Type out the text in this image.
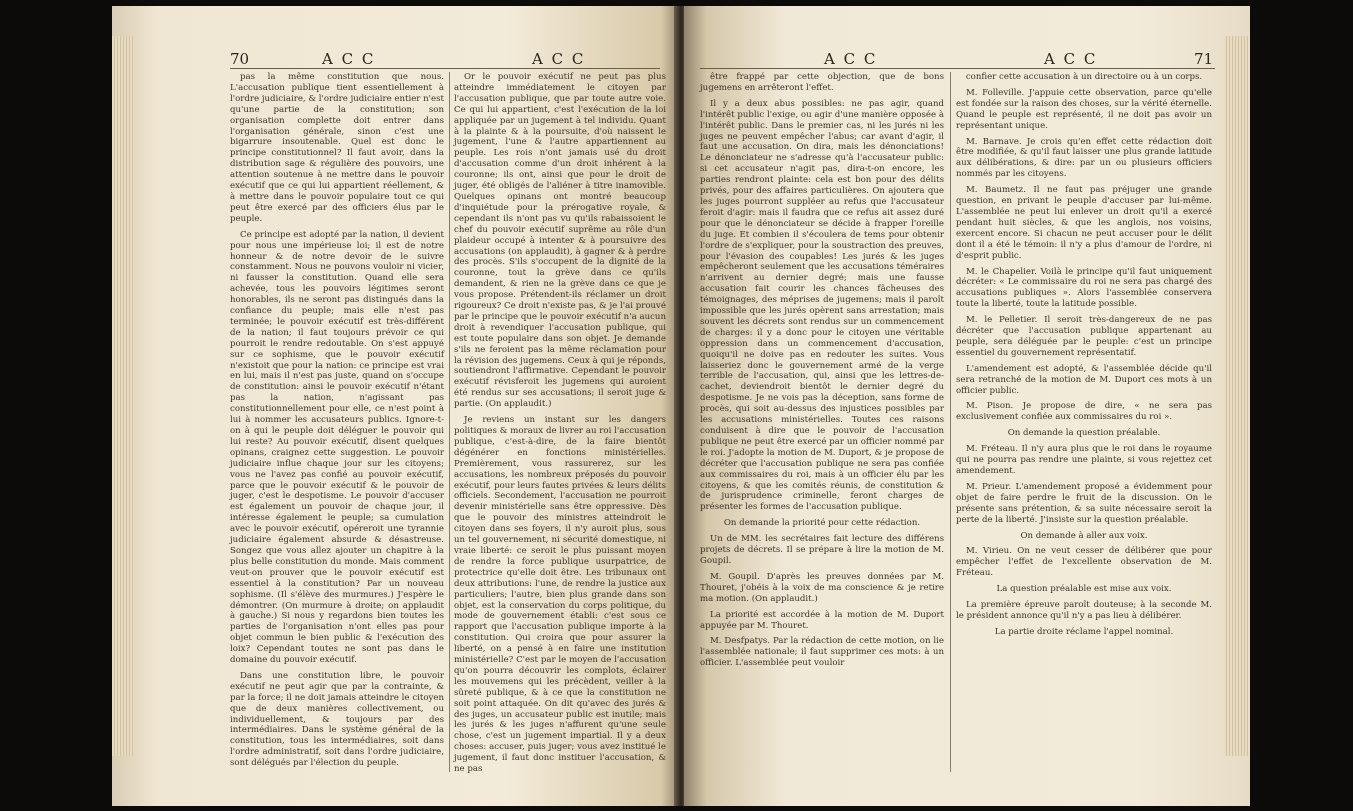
70	A C C	A C C

pas la même constitution que nous. L'accusation publique tient essentiellement à l'ordre judiciaire, & l'ordre judiciaire entier n'est qu'une partie de la constitution; son organisation complette doit entrer dans l'organisation générale, sinon c'est une bigarrure insoutenable. Quel est donc le principe constitutionnel? Il faut avoir, dans la distribution sage & régulière des pouvoirs, une attention soutenue à ne mettre dans le pouvoir exécutif que ce qui lui appartient réellement, & à mettre dans le pouvoir populaire tout ce qui peut être exercé par des officiers élus par le peuple.

Ce principe est adopté par la nation, il devient pour nous une impérieuse loi; il est de notre honneur & de notre devoir de le suivre constamment. Nous ne pouvons vouloir ni vicier, ni fausser la constitution. Quand elle sera achevée, tous les pouvoirs légitimes seront honorables, ils ne seront pas distingués dans la confiance du peuple; mais elle n'est pas terminée; le pouvoir exécutif est très-différent de la nation; il faut toujours prévoir ce qui pourroit le rendre redoutable. On s'est appuyé sur ce sophisme, que le pouvoir exécutif n'existoit que pour la nation: ce principe est vrai en lui, mais il n'est pas juste, quand on s'occupe de constitution: ainsi le pouvoir exécutif n'étant pas la nation, n'agissant pas constitutionnellement pour elle, ce n'est point à lui à nommer les accusateurs publics. Ignore-t-on à qui le peuple doit déléguer le pouvoir qui lui reste? Au pouvoir exécutif, disent quelques opinans, craignez cette suggestion. Le pouvoir judiciaire influe chaque jour sur les citoyens; vous ne l'avez pas confié au pouvoir exécutif, parce que le pouvoir exécutif & le pouvoir de juger, c'est le despotisme. Le pouvoir d'accuser est également un pouvoir de chaque jour, il intéresse également le peuple; sa cumulation avec le pouvoir exécutif, opéreroit une tyrannie judiciaire également absurde & désastreuse. Songez que vous allez ajouter un chapitre à la plus belle constitution du monde. Mais comment veut-on prouver que le pouvoir exécutif est essentiel à la constitution? Par un nouveau sophisme. (Il s'élève des murmures.) J'espère le démontrer. (On murmure à droite; on applaudit à gauche.) Si nous y regardons bien toutes les parties de l'organisation n'ont elles pas pour objet commun le bien public & l'exécution des loix? Cependant toutes ne sont pas dans le domaine du pouvoir exécutif.

Dans une constitution libre, le pouvoir exécutif ne peut agir que par la contrainte, & par la force; il ne doit jamais atteindre le citoyen que de deux manières collectivement, ou individuellement, & toujours par des intermédiaires. Dans le système général de la constitution, tous les intermédiaires, soit dans l'ordre administratif, soit dans l'ordre judiciaire, sont délégués par l'élection du peuple.

Or le pouvoir exécutif ne peut pas plus atteindre immédiatement le citoyen par l'accusation publique, que par toute autre voie. Ce qui lui appartient, c'est l'exécution de la loi appliquée par un jugement à tel individu. Quant à la plainte & à la poursuite, d'où naissent le jugement, l'une & l'autre appartiennent au peuple. Les rois n'ont jamais usé du droit d'accusation comme d'un droit inhérent à la couronne; ils ont, ainsi que pour le droit de juger, été obligés de l'aliéner à titre inamovible. Quelques opinans ont montré beaucoup d'inquiétude pour la prérogative royale, & cependant ils n'ont pas vu qu'ils rabaissoient le chef du pouvoir exécutif suprême au rôle d'un plaideur occupé à intenter & à poursuivre des accusations (on applaudit), à gagner & à perdre des procès. S'ils s'occupent de la dignité de la couronne, tout la grève dans ce qu'ils demandent, & rien ne la grève dans ce que je vous propose. Prétendent-ils réclamer un droit rigoureux? Ce droit n'existe pas, & je l'ai prouvé par le principe que le pouvoir exécutif n'a aucun droit à revendiquer l'accusation publique, qui est toute populaire dans son objet. Je demande s'ils ne feroient pas la même réclamation pour la révision des jugemens. Ceux à qui je réponds, soutiendront l'affirmative. Cependant le pouvoir exécutif révisferoit les jugemens qui auroient été rendus sur ses accusations; il seroit juge & partie. (On applaudit.)

Je reviens un instant sur les dangers politiques & moraux de livrer au roi l'accusation publique, c'est-à-dire, de la faire bientôt dégénérer en fonctions ministérielles. Premièrement, vous rassurerez, sur les accusations, les nombreux préposés du pouvoir exécutif, pour leurs fautes privées & leurs délits officiels. Secondement, l'accusation ne pourroit devenir ministérielle sans être oppressive. Dès que le pouvoir des ministres atteindroit le citoyen dans ses foyers, il n'y auroit plus, sous un tel gouvernement, ni sécurité domestique, ni vraie liberté: ce seroit le plus puissant moyen de rendre la force publique usurpatrice, de protectrice qu'elle doit être. Les tribunaux ont deux attributions: l'une, de rendre la justice aux particuliers; l'autre, bien plus grande dans son objet, est la conservation du corps politique, du mode de gouvernement établi: c'est sous ce rapport que l'accusation publique importe à la constitution. Qui croira que pour assurer la liberté, on a pensé à en faire une institution ministérielle? C'est par le moyen de l'accusation qu'on pourra découvrir les complots, éclairer les mouvemens qui les précèdent, veiller à la sûreté publique, & à ce que la constitution ne soit point attaquée. On dit qu'avec des jurés & des juges, un accusateur public est inutile; mais les jurés & les juges n'affurent qu'une seule chose, c'est un jugement impartial. Il y a deux choses: accuser, puis juger; vous avez institué le jugement, il faut donc instituer l'accusation, & ne pas

A C C	A C C	71

être frappé par cette objection, que de bons jugemens en arrêteront l'effet.

Il y a deux abus possibles: ne pas agir, quand l'intérêt public l'exige, ou agir d'une manière opposée à l'intérêt public. Dans le premier cas, ni les jurés ni les juges ne peuvent empêcher l'abus; car avant d'agir, il faut une accusation. On dira, mais les dénonciations! Le dénonciateur ne s'adresse qu'à l'accusateur public: si cet accusateur n'agit pas, dira-t-on encore, les parties rendront plainte: cela est bon pour des délits privés, pour des affaires particulières. On ajoutera que les juges pourront suppléer au refus que l'accusateur feroit d'agir: mais il faudra que ce refus ait assez duré pour que le dénonciateur se décide à frapper l'oreille du juge. Et combien il s'écoulera de tems pour obtenir l'ordre de s'expliquer, pour la soustraction des preuves, pour l'évasion des coupables! Les jurés & les juges empêcheront seulement que les accusations téméraires n'arrivent au dernier degré; mais une fausse accusation fait courir les chances fâcheuses des témoignages, des méprises de jugemens; mais il paroît impossible que les jurés opèrent sans arrestation; mais souvent les décrets sont rendus sur un commencement de charges: il y a donc pour le citoyen une véritable oppression dans un commencement d'accusation, quoiqu'il ne doive pas en redouter les suites. Vous laisseriez donc le gouvernement armé de la verge terrible de l'accusation, qui, ainsi que les lettres-de-cachet, deviendroit bientôt le dernier degré du despotisme. Je ne vois pas la déception, sans forme de procès, qui soit au-dessus des injustices possibles par les accusations ministérielles. Toutes ces raisons conduisent à dire que le pouvoir de l'accusation publique ne peut être exercé par un officier nommé par le roi. J'adopte la motion de M. Duport, & je propose de décréter que l'accusation publique ne sera pas confiée aux commissaires du roi, mais à un officier élu par les citoyens, & que les comités réunis, de constitution & de jurisprudence criminelle, feront charges de présenter les formes de l'accusation publique.

On demande la priorité pour cette rédaction.

Un de MM. les secrétaires fait lecture des différens projets de décrets. Il se prépare à lire la motion de M. Goupil.

M. Goupil. D'après les preuves données par M. Thouret, j'obéis à la voix de ma conscience & je retire ma motion. (On applaudit.)

La priorité est accordée à la motion de M. Duport appuyée par M. Thouret.

M. Desfpatys. Par la rédaction de cette motion, on lie l'assemblée nationale; il faut supprimer ces mots: à un officier. L'assemblée peut vouloir

confier cette accusation à un directoire ou à un corps.

M. Folleville. J'appuie cette observation, parce qu'elle est fondée sur la raison des choses, sur la vérité éternelle. Quand le peuple est représenté, il ne doit pas avoir un représentant unique.

M. Barnave. Je crois qu'en effet cette rédaction doit être modifiée, & qu'il faut laisser une plus grande latitude aux délibérations, & dire: par un ou plusieurs officiers nommés par les citoyens.

M. Baumetz. Il ne faut pas préjuger une grande question, en privant le peuple d'accuser par lui-même. L'assemblée ne peut lui enlever un droit qu'il a exercé pendant huit siècles, & que les anglois, nos voisins, exercent encore. Si chacun ne peut accuser pour le délit dont il a été le témoin: il n'y a plus d'amour de l'ordre, ni d'esprit public.

M. le Chapelier. Voilà le principe qu'il faut uniquement décréter: « Le commissaire du roi ne sera pas chargé des accusations publiques ». Alors l'assemblée conservera toute la liberté, toute la latitude possible.

M. le Pelletier. Il seroit très-dangereux de ne pas décréter que l'accusation publique appartenant au peuple, sera déléguée par le peuple: c'est un principe essentiel du gouvernement représentatif.

L'amendement est adopté, & l'assemblée décide qu'il sera retranché de la motion de M. Duport ces mots à un officier public.

M. Pison. Je propose de dire, « ne sera pas exclusivement confiée aux commissaires du roi ».

On demande la question préalable.

M. Fréteau. Il n'y aura plus que le roi dans le royaume qui ne pourra pas rendre une plainte, si vous rejettez cet amendement.

M. Prieur. L'amendement proposé a évidemment pour objet de faire perdre le fruit de la discussion. On le présente sans prétention, & sa suite nécessaire seroit la perte de la liberté. J'insiste sur la question préalable.

On demande à aller aux voix.

M. Virieu. On ne veut cesser de délibérer que pour empêcher l'effet de l'excellente observation de M. Fréteau.

La question préalable est mise aux voix.

La première épreuve paroît douteuse; à la seconde M. le président annonce qu'il n'y a pas lieu à délibérer.

La partie droite réclame l'appel nominal.
